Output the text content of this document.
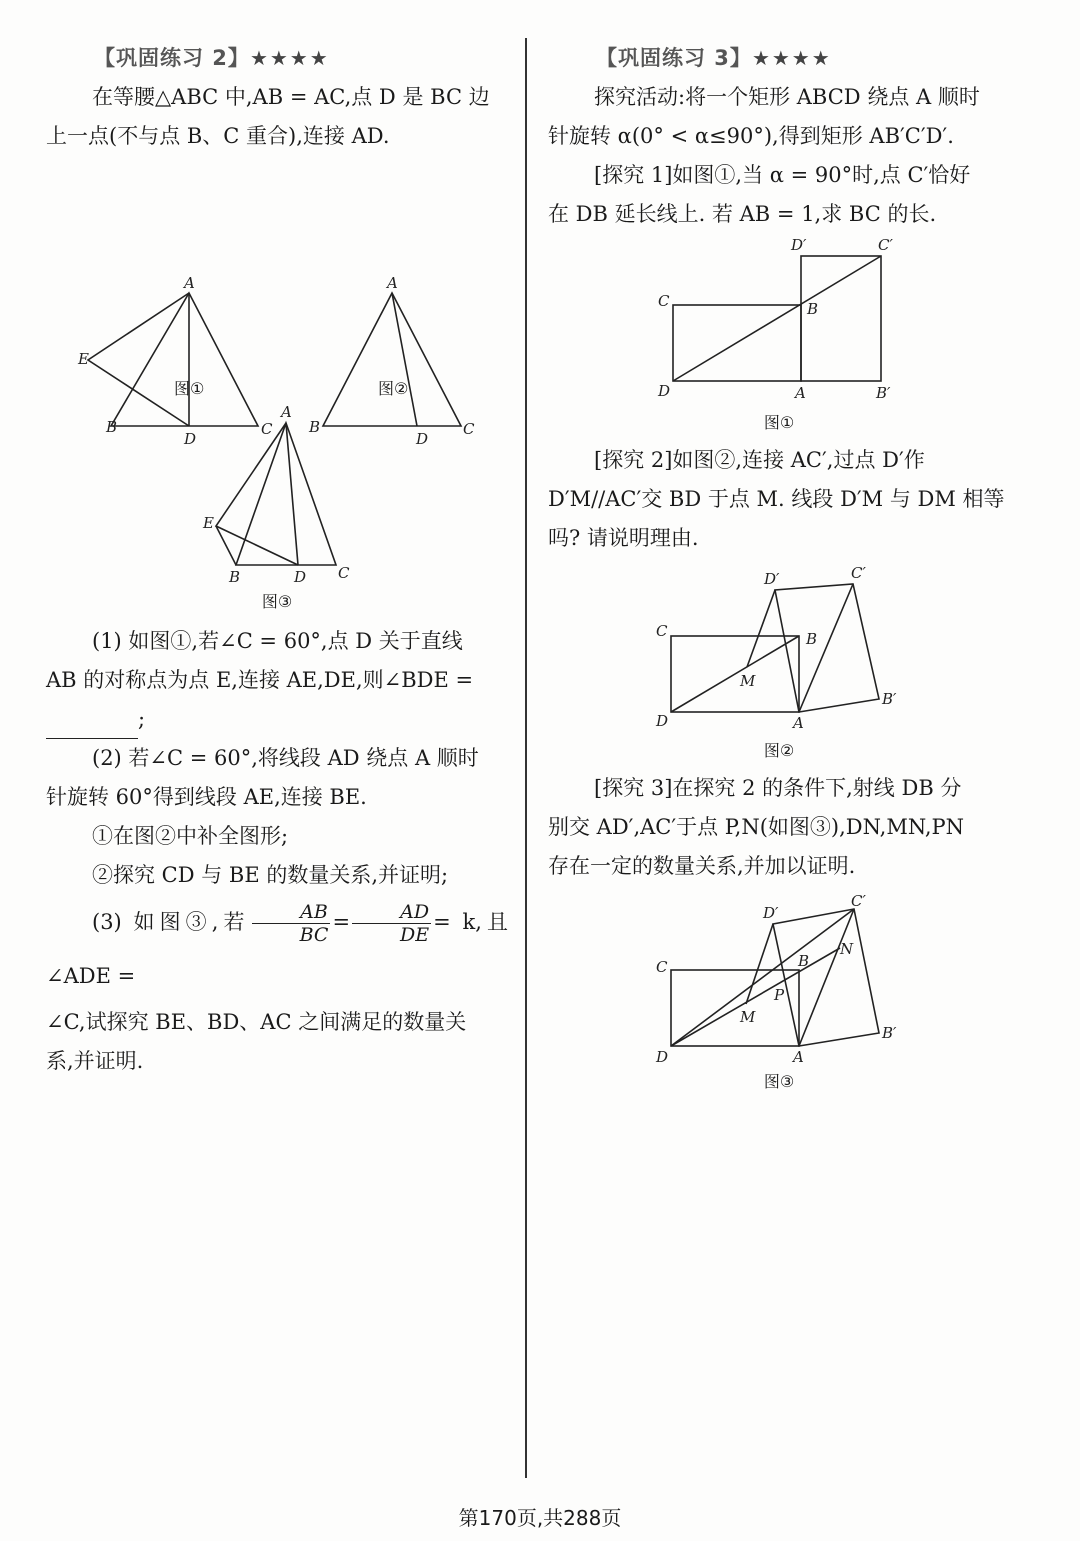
【巩固练习 2】★★★★

在等腰△ABC 中,AB = AC,点 D 是 BC 边

上一点(不与点 B、C 重合),连接 AD.

A
E
B
D
C
A
B
D
C
图①	图②
A
E
B	D C
图③

(1) 如图①,若∠C = 60°,点 D 关于直线

AB 的对称点为点 E,连接 AE,DE,则∠BDE =

;

(2) 若∠C = 60°,将线段 AD 绕点 A 顺时

针旋转 60°得到线段 AE,连接 BE.

①在图②中补全图形;

②探究 CD 与 BE 的数量关系,并证明;

(3) 如图③,若 $\frac{AB}{BC} = \frac{AD}{DE} = k$,且∠ADE =

∠C,试探究 BE、BD、AC 之间满足的数量关

系,并证明.

【巩固练习 3】★★★★

探究活动:将一个矩形 ABCD 绕点 A 顺时

针旋转 α(0° < α≤90°),得到矩形 AB′C′D′.

[探究 1]如图①,当 α = 90°时,点 C′恰好

在 DB 延长线上. 若 AB = 1,求 BC 的长.

C	B
D	A	B′
D′	C′
图①

[探究 2]如图②,连接 AC′,过点 D′作

D′M//AC′交 BD 于点 M. 线段 D′M 与 DM 相等

吗? 请说明理由.

C	B
D	A
B′
D′	C′
M
图②

[探究 3]在探究 2 的条件下,射线 DB 分

别交 AD′,AC′于点 P,N(如图③),DN,MN,PN

存在一定的数量关系,并加以证明.

C	B
D	A
B′
D′
C′
M
N
P
图③
第170页,共288页
